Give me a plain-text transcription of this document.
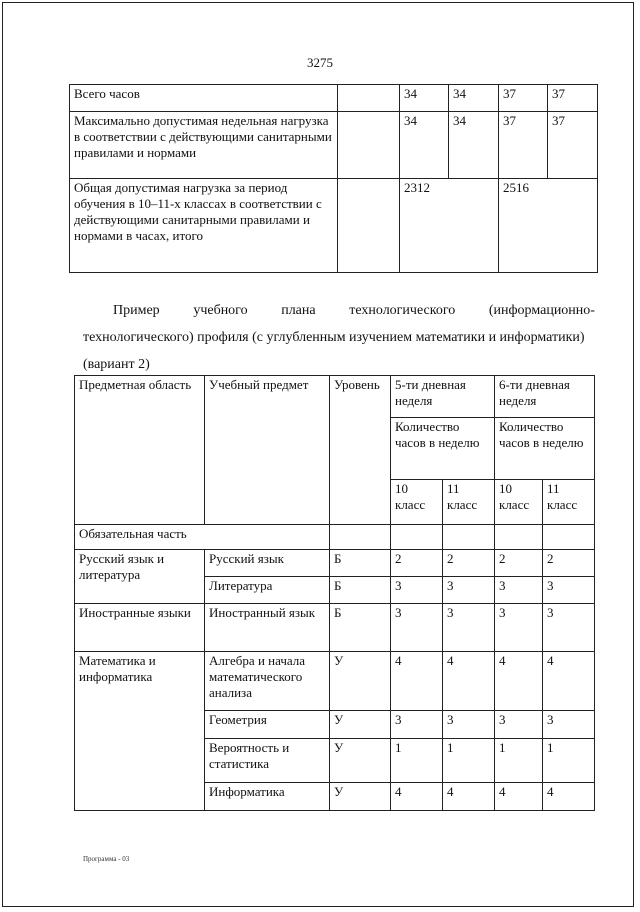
3275
Всего часов		34	34	37	37
Максимально допустимая недельная нагрузка в соответствии с действующими санитарными правилами и нормами		34	34	37	37
Общая допустимая нагрузка за период обучения в 10–11-х классах в соответствии с действующими санитарными правилами и нормами в часах, итого		2312		2516	
Пример учебного плана технологического (информационно-
технологического) профиля (с углубленным изучением математики и информатики)
(вариант 2)
Предметная область	Учебный предмет	Уровень	5-ти дневная неделя		6-ти дневная неделя	
			Количество часов в неделю		Количество часов в неделю	
			10 класс	11 класс	10 класс	11 класс
Обязательная часть						
Русский язык и литература	Русский язык	Б	2	2	2	2
	Литература	Б	3	3	3	3
Иностранные языки	Иностранный язык	Б	3	3	3	3
Математика и информатика	Алгебра и начала математического анализа	У	4	4	4	4
	Геометрия	У	3	3	3	3
	Вероятность и статистика	У	1	1	1	1
	Информатика	У	4	4	4	4
Программа - 03
